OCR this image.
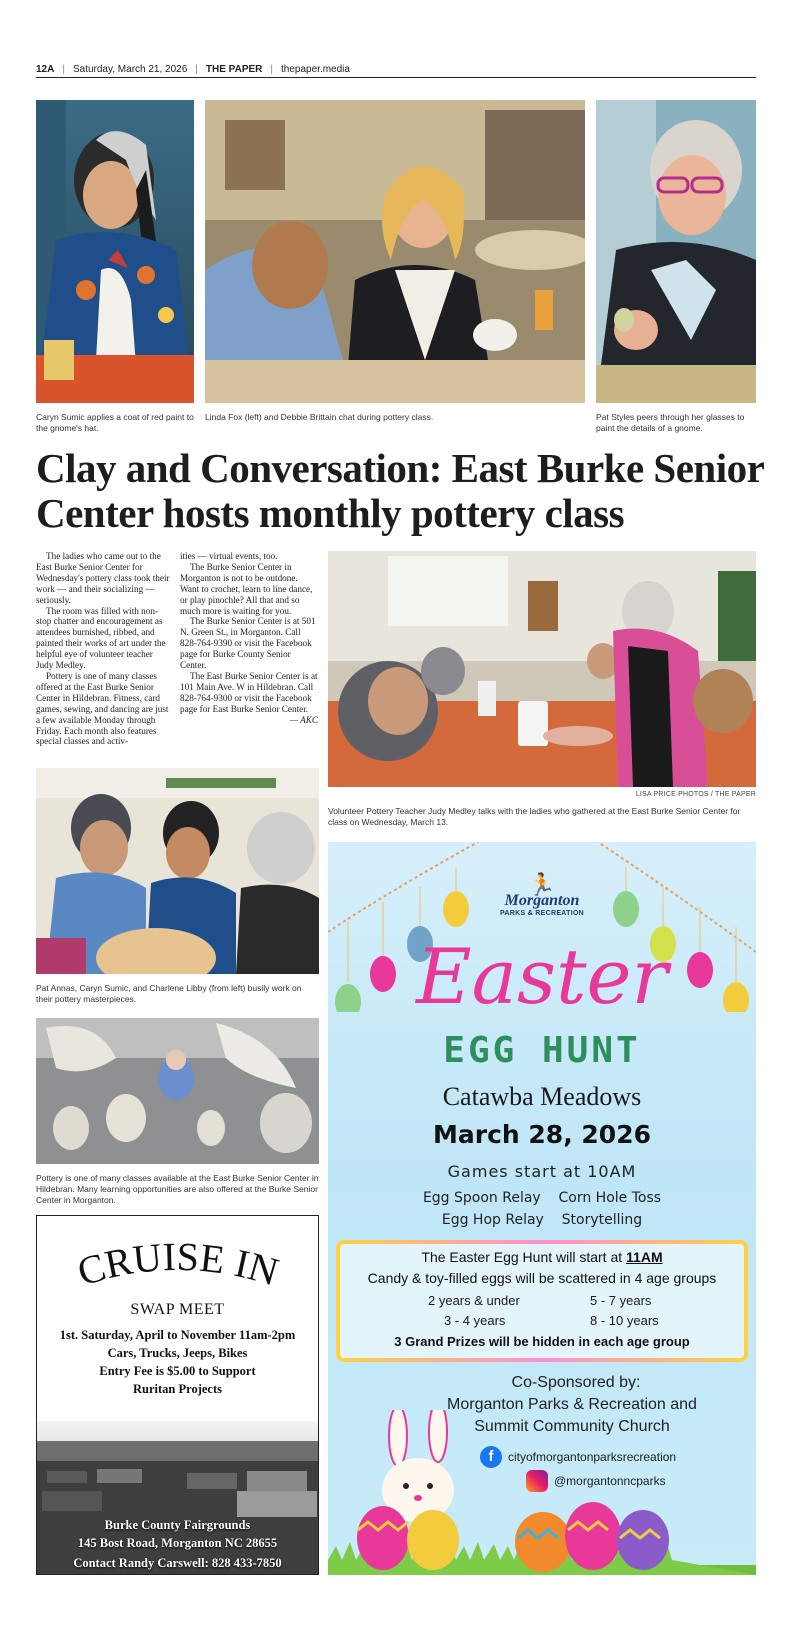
12A | Saturday, March 21, 2026 | THE PAPER | thepaper.media
Caryn Sumic applies a coat of red paint to the gnome's hat.
Linda Fox (left) and Debbie Brittain chat during pottery class.	Pat Styles peers through her glasses to paint the details of a gnome.
Clay and Conversation: East Burke Senior Center hosts monthly pottery class

The ladies who came out to the East Burke Senior Center for Wednesday's pottery class took their work — and their socializing — seriously.

The room was filled with non-stop chatter and encouragement as attendees burnished, ribbed, and painted their works of art under the helpful eye of volunteer teacher Judy Medley.

Pottery is one of many classes offered at the East Burke Senior Center in Hildebran. Fitness, card games, sewing, and dancing are just a few available Monday through Friday. Each month also features special classes and activ-

ities — virtual events, too.

The Burke Senior Center in Morganton is not to be outdone. Want to crochet, learn to line dance, or play pinochle? All that and so much more is waiting for you.

The Burke Senior Center is at 501 N. Green St., in Morganton. Call 828-764-9390 or visit the Facebook page for Burke County Senior Center.

The East Burke Senior Center is at 101 Main Ave. W in Hildebran. Call 828-764-9300 or visit the Facebook page for East Burke Senior Center.

— AKC

LISA PRICE PHOTOS / THE PAPER
Volunteer Pottery Teacher Judy Medley talks with the ladies who gathered at the East Burke Senior Center for class on Wednesday, March 13.
Pat Annas, Caryn Sumic, and Charlene Libby (from left) busily work on their pottery masterpieces.
Pottery is one of many classes available at the East Burke Senior Center in Hildebran. Many learning opportunities are also offered at the Burke Senior Center in Morganton.
CRUISE IN
SWAP MEET
1st. Saturday, April to November 11am-2pm
Cars, Trucks, Jeeps, Bikes
Entry Fee is $5.00 to Support
Ruritan Projects
Burke County Fairgrounds
145 Bost Road, Morganton NC 28655
Contact Randy Carswell: 828 433-7850
🏃
Morganton
PARKS & RECREATION
Easter
EGG HUNT
Catawba Meadows
March 28, 2026
Games start at 10AM
Egg Spoon Relay    Corn Hole Toss
Egg Hop Relay    Storytelling
The Easter Egg Hunt will start at 11AM
Candy & toy-filled eggs will be scattered in 4 age groups
2 years & under	5 - 7 years
3 - 4 years	8 - 10 years
3 Grand Prizes will be hidden in each age group
Co-Sponsored by:
Morganton Parks & Recreation and
Summit Community Church
f	cityofmorgantonparksrecreation
@morgantonncparks
